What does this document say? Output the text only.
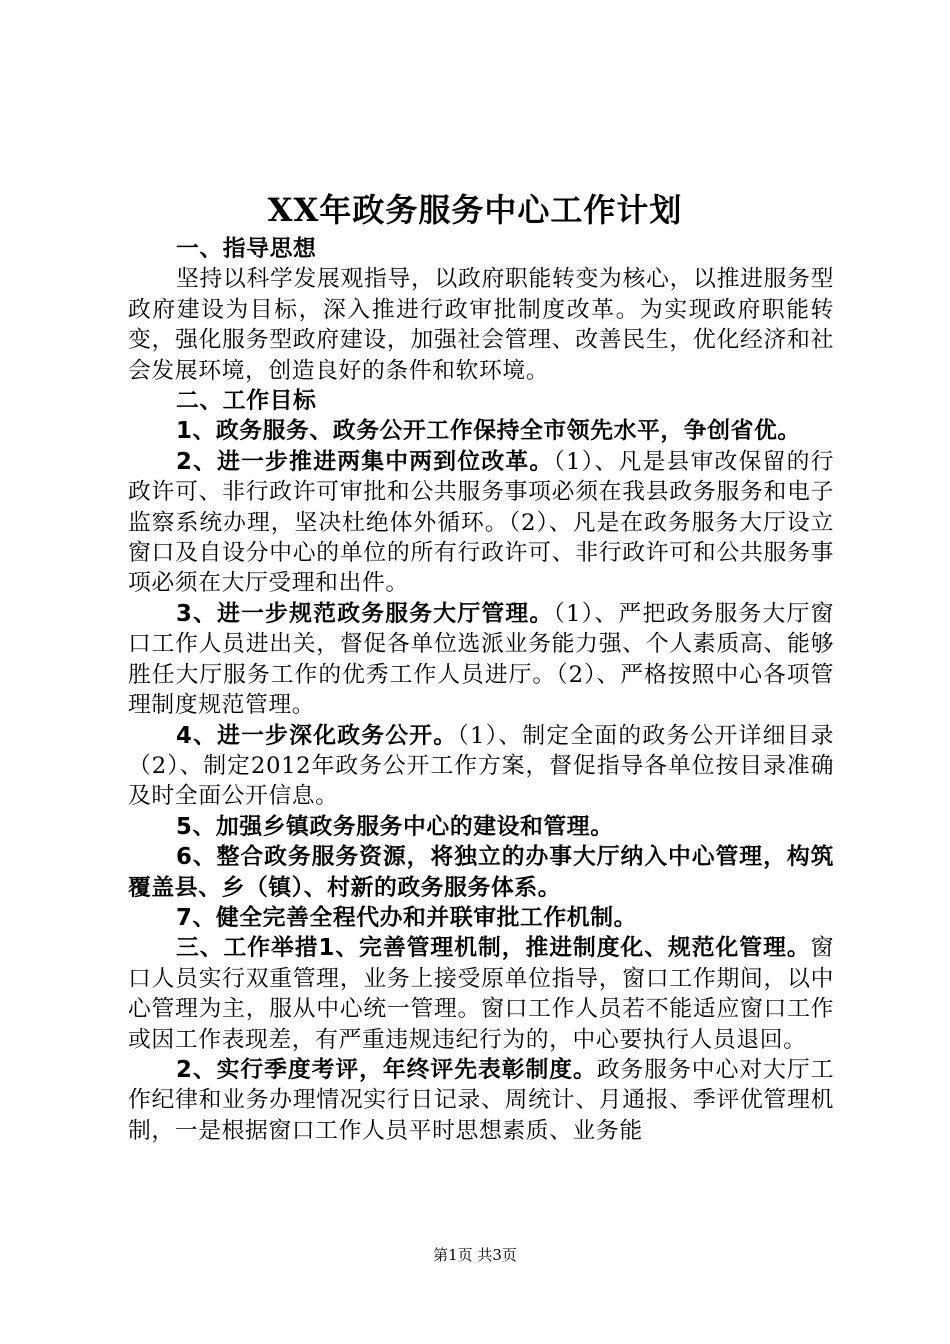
XX年政务服务中心工作计划

一、指导思想

坚持以科学发展观指导，以政府职能转变为核心，以推进服务型政府建设为目标，深入推进行政审批制度改革。为实现政府职能转变，强化服务型政府建设，加强社会管理、改善民生，优化经济和社会发展环境，创造良好的条件和软环境。

二、工作目标

1、政务服务、政务公开工作保持全市领先水平，争创省优。

2、进一步推进两集中两到位改革。（1）、凡是县审改保留的行政许可、非行政许可审批和公共服务事项必须在我县政务服务和电子监察系统办理，坚决杜绝体外循环。（2）、凡是在政务服务大厅设立窗口及自设分中心的单位的所有行政许可、非行政许可和公共服务事项必须在大厅受理和出件。

3、进一步规范政务服务大厅管理。（1）、严把政务服务大厅窗口工作人员进出关，督促各单位选派业务能力强、个人素质高、能够胜任大厅服务工作的优秀工作人员进厅。（2）、严格按照中心各项管理制度规范管理。

4、进一步深化政务公开。（1）、制定全面的政务公开详细目录（2）、制定2012年政务公开工作方案，督促指导各单位按目录准确及时全面公开信息。

5、加强乡镇政务服务中心的建设和管理。

6、整合政务服务资源，将独立的办事大厅纳入中心管理，构筑覆盖县、乡（镇）、村新的政务服务体系。

7、健全完善全程代办和并联审批工作机制。

三、工作举措1、完善管理机制，推进制度化、规范化管理。窗口人员实行双重管理，业务上接受原单位指导，窗口工作期间，以中心管理为主，服从中心统一管理。窗口工作人员若不能适应窗口工作或因工作表现差，有严重违规违纪行为的，中心要执行人员退回。

2、实行季度考评，年终评先表彰制度。政务服务中心对大厅工作纪律和业务办理情况实行日记录、周统计、月通报、季评优管理机制，一是根据窗口工作人员平时思想素质、业务能

第1页 共3页
